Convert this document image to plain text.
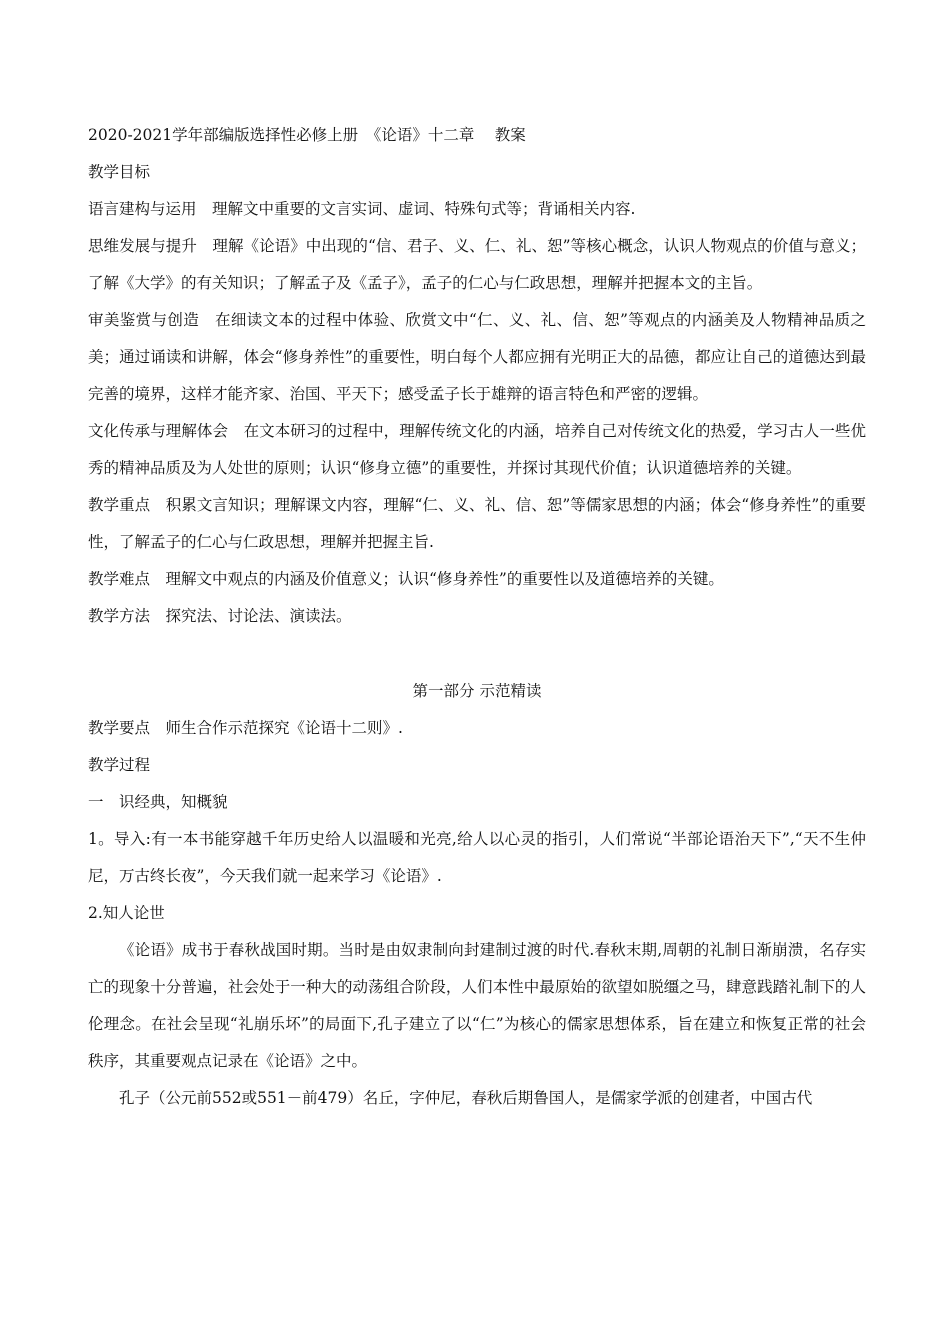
2020-2021学年部编版选择性必修上册　《论语》十二章　 教案
教学目标
语言建构与运用　理解文中重要的文言实词、虚词、特殊句式等；背诵相关内容.
思维发展与提升　理解《论语》中出现的“信、君子、义、仁、礼、恕”等核心概念，认识人物观点的价值与意义；了解《大学》的有关知识；了解孟子及《孟子》，孟子的仁心与仁政思想，理解并把握本文的主旨。
审美鉴赏与创造　在细读文本的过程中体验、欣赏文中“仁、义、礼、信、恕”等观点的内涵美及人物精神品质之美；通过诵读和讲解，体会“修身养性”的重要性，明白每个人都应拥有光明正大的品德，都应让自己的道德达到最完善的境界，这样才能齐家、治国、平天下；感受孟子长于雄辩的语言特色和严密的逻辑。
文化传承与理解体会　在文本研习的过程中，理解传统文化的内涵，培养自己对传统文化的热爱，学习古人一些优秀的精神品质及为人处世的原则；认识“修身立德”的重要性，并探讨其现代价值；认识道德培养的关键。
教学重点　积累文言知识；理解课文内容，理解“仁、义、礼、信、恕”等儒家思想的内涵；体会“修身养性”的重要性，了解孟子的仁心与仁政思想，理解并把握主旨.
教学难点　理解文中观点的内涵及价值意义；认识“修身养性”的重要性以及道德培养的关键。
教学方法　探究法、讨论法、演读法。
第一部分 示范精读
教学要点　师生合作示范探究《论语十二则》.
教学过程
一　识经典，知概貌
1。导入:有一本书能穿越千年历史给人以温暖和光亮,给人以心灵的指引，人们常说“半部论语治天下”,“天不生仲尼，万古终长夜”，今天我们就一起来学习《论语》.
2.知人论世
《论语》成书于春秋战国时期。当时是由奴隶制向封建制过渡的时代.春秋末期,周朝的礼制日渐崩溃，名存实亡的现象十分普遍，社会处于一种大的动荡组合阶段，人们本性中最原始的欲望如脱缰之马，肆意践踏礼制下的人伦理念。在社会呈现“礼崩乐坏”的局面下,孔子建立了以“仁”为核心的儒家思想体系，旨在建立和恢复正常的社会秩序，其重要观点记录在《论语》之中。
孔子（公元前552或551－前479）名丘，字仲尼，春秋后期鲁国人，是儒家学派的创建者，中国古代
